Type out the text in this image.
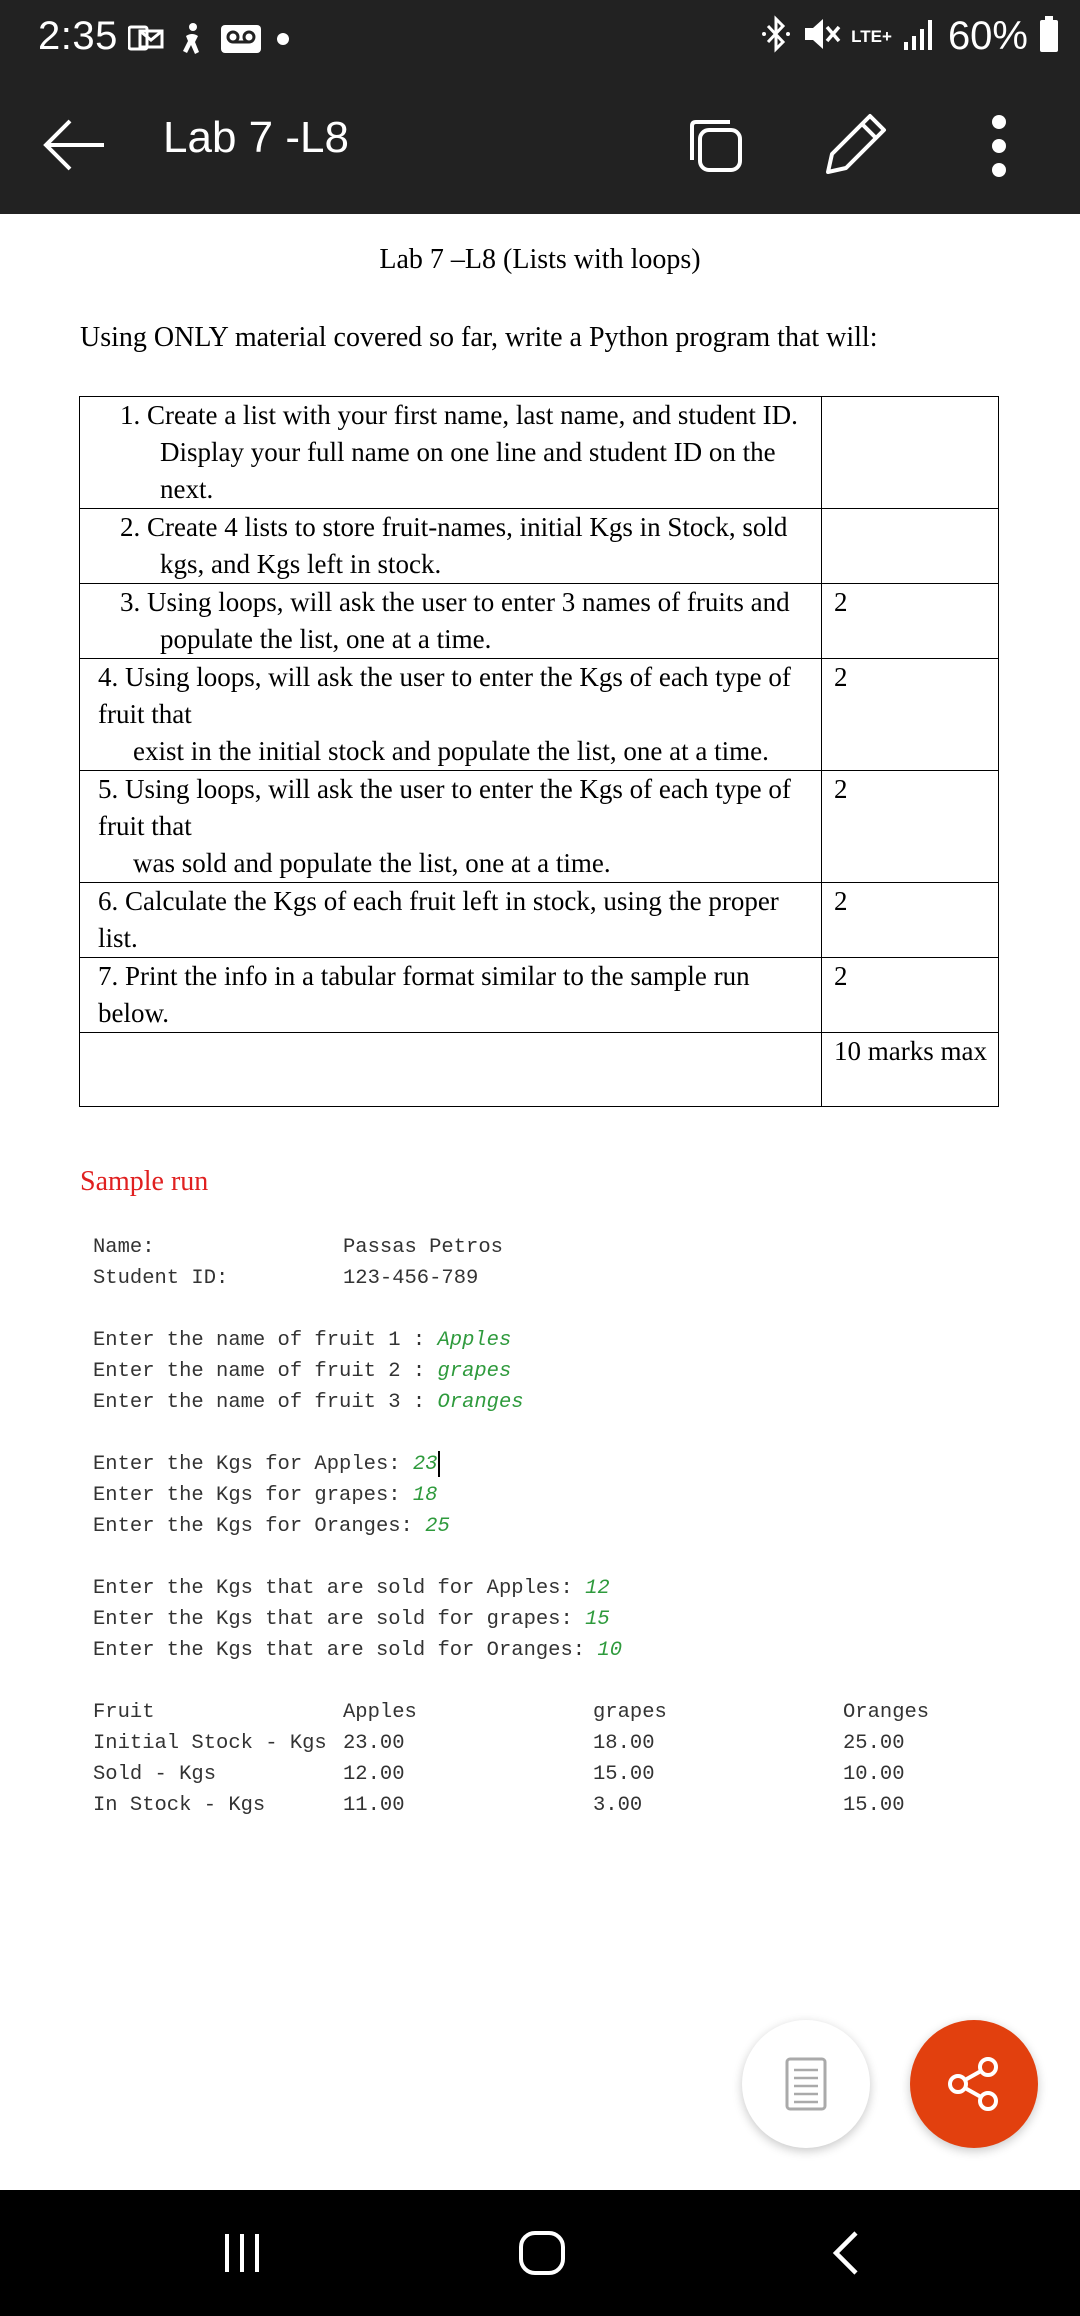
2:35	LTE+ 60%
Lab 7 -L8
Lab 7 –L8 (Lists with loops)
Using ONLY material covered so far, write a Python program that will:
1. Create a list with your first name, last name, and student ID.
Display your full name on one line and student ID on the next.	

2. Create 4 lists to store fruit-names, initial Kgs in Stock, sold
kgs, and Kgs left in stock.	

3. Using loops, will ask the user to enter 3 names of fruits and
populate the list, one at a time.	2
4. Using loops, will ask the user to enter the Kgs of each type of fruit that
exist in the initial stock and populate the list, one at a time.	2
5. Using loops, will ask the user to enter the Kgs of each type of fruit that
was sold and populate the list, one at a time.	2
6. Calculate the Kgs of each fruit left in stock, using the proper list.	2
7. Print the info in a tabular format similar to the sample run below.	2
	10 marks max
Sample run
Name:	Passas Petros
Student ID:	123-456-789
Enter the name of fruit 1 : Apples
Enter the name of fruit 2 : grapes
Enter the name of fruit 3 : Oranges
Enter the Kgs for Apples: 23
Enter the Kgs for grapes: 18
Enter the Kgs for Oranges: 25
Enter the Kgs that are sold for Apples: 12
Enter the Kgs that are sold for grapes: 15
Enter the Kgs that are sold for Oranges: 10
Fruit	Apples	grapes	Oranges
Initial Stock - Kgs 23.00	18.00	25.00
Sold - Kgs	12.00	15.00	10.00
In Stock - Kgs	11.00	3.00	15.00
